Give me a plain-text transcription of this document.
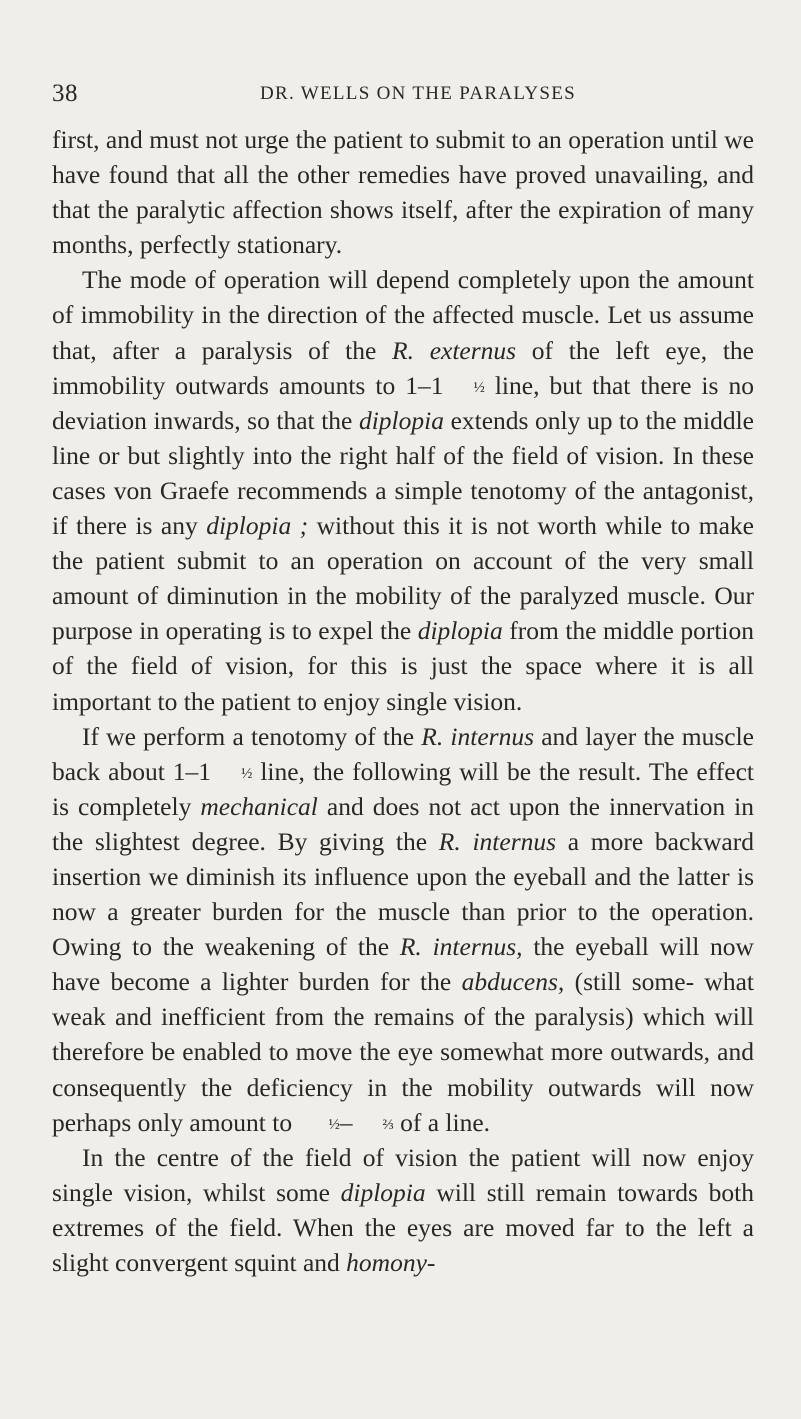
38	DR. WELLS ON THE PARALYSES

first, and must not urge the patient to submit to an operation until we have found that all the other remedies have proved unavailing, and that the paralytic affection shows itself, after the expiration of many months, perfectly stationary.

The mode of operation will depend completely upon the amount of immobility in the direction of the affected muscle. Let us assume that, after a paralysis of the R. externus of the left eye, the immobility outwards amounts to 1–1 ½ line, but that there is no deviation inwards, so that the diplopia extends only up to the middle line or but slightly into the right half of the field of vision. In these cases von Graefe recommends a simple tenotomy of the antagonist, if there is any diplopia ; without this it is not worth while to make the patient submit to an operation on account of the very small amount of diminution in the mobility of the paralyzed muscle. Our purpose in operating is to expel the diplopia from the middle portion of the field of vision, for this is just the space where it is all important to the patient to enjoy single vision.

If we perform a tenotomy of the R. internus and layer the muscle back about 1–1 ½ line, the following will be the result. The effect is completely mechanical and does not act upon the innervation in the slightest degree. By giving the R. internus a more backward insertion we diminish its influence upon the eyeball and the latter is now a greater burden for the muscle than prior to the operation. Owing to the weakening of the R. internus, the eyeball will now have become a lighter burden for the abducens, (still some- what weak and inefficient from the remains of the paralysis) which will therefore be enabled to move the eye somewhat more outwards, and consequently the deficiency in the mobility outwards will now perhaps only amount to ½– ⅔ of a line.

In the centre of the field of vision the patient will now enjoy single vision, whilst some diplopia will still remain towards both extremes of the field. When the eyes are moved far to the left a slight convergent squint and homony-
